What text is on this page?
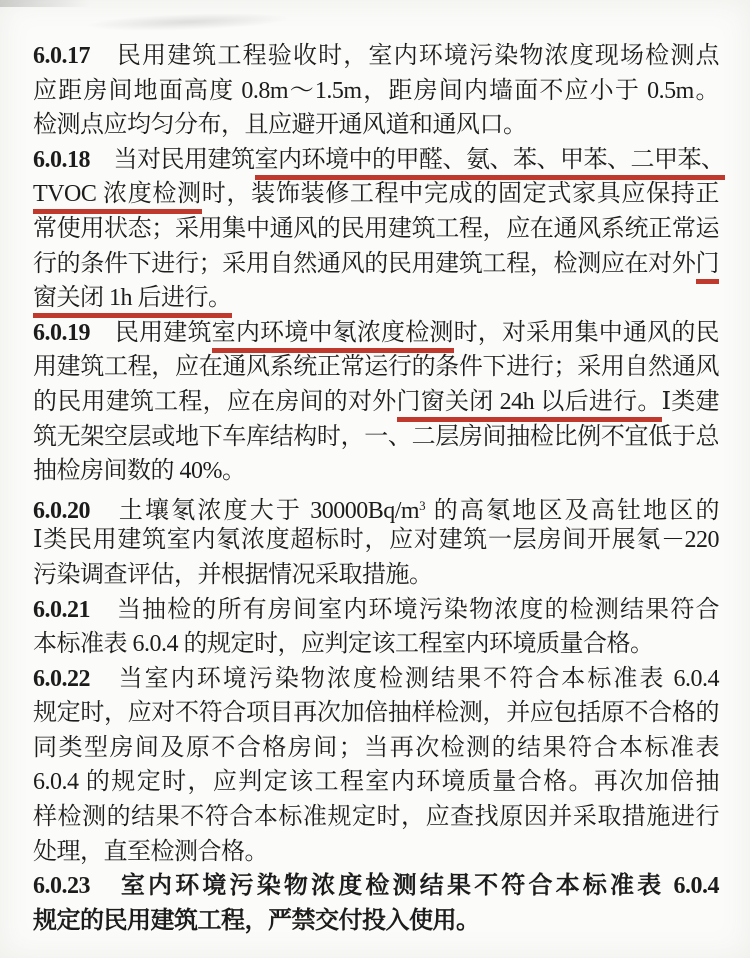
6.0.17　民用建筑工程验收时，室内环境污染物浓度现场检测点
应距房间地面高度 0.8m～1.5m，距房间内墙面不应小于 0.5m。
检测点应均匀分布，且应避开通风道和通风口。
6.0.18　当对民用建筑室内环境中的甲醛、氨、苯、甲苯、二甲苯、
TVOC 浓度检测时，装饰装修工程中完成的固定式家具应保持正
常使用状态；采用集中通风的民用建筑工程，应在通风系统正常运
行的条件下进行；采用自然通风的民用建筑工程，检测应在对外门
窗关闭 1h 后进行。
6.0.19　民用建筑室内环境中氡浓度检测时，对采用集中通风的民
用建筑工程，应在通风系统正常运行的条件下进行；采用自然通风
的民用建筑工程，应在房间的对外门窗关闭 24h 以后进行。Ⅰ类建
筑无架空层或地下车库结构时，一、二层房间抽检比例不宜低于总
抽检房间数的 40%。
6.0.20　土壤氡浓度大于 $30000Bq/m^3$ 的高氡地区及高钍地区的
Ⅰ类民用建筑室内氡浓度超标时，应对建筑一层房间开展氡－220
污染调查评估，并根据情况采取措施。
6.0.21　当抽检的所有房间室内环境污染物浓度的检测结果符合
本标准表 6.0.4 的规定时，应判定该工程室内环境质量合格。
6.0.22　当室内环境污染物浓度检测结果不符合本标准表 6.0.4
规定时，应对不符合项目再次加倍抽样检测，并应包括原不合格的
同类型房间及原不合格房间；当再次检测的结果符合本标准表
6.0.4 的规定时，应判定该工程室内环境质量合格。再次加倍抽
样检测的结果不符合本标准规定时，应查找原因并采取措施进行
处理，直至检测合格。
6.0.23　室内环境污染物浓度检测结果不符合本标准表 6.0.4
规定的民用建筑工程，严禁交付投入使用。
